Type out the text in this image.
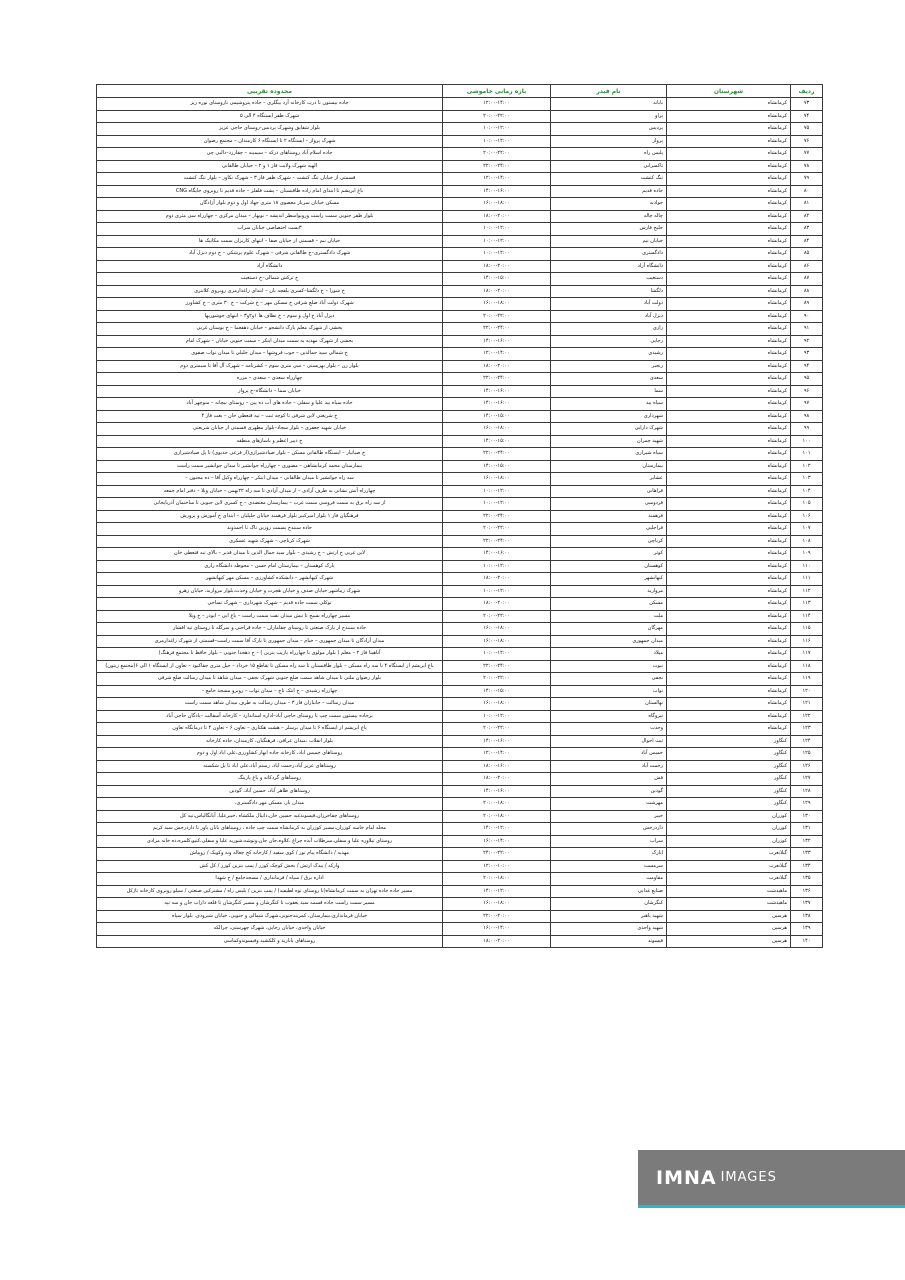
ردیف	شهرستان	نام فیدر	بازه زمانی خاموشی	محدوده تقریبی
۷۳	کرمانشاه	بابانه	۱۲:۰۰-۱۴:۰۰	جاده بیستون تا درب کارخانه آرد بیگلری – جاده پتروشیمی تاروستای نوره ریز
۷۴	کرمانشاه	پراو	۲۰:۰۰-۲۲:۰۰	شهرک ظفر ایستگاه ۴ الی ۵
۷۵	کرمانشاه	پردیس	۱۰:۰۰-۱۲:۰۰	بلوار شقایق وشهرک پردیس-روستای حاجی عزیز
۷۶	کرمانشاه	پرواز	۱۰:۰۰-۱۲:۰۰	شهرک پرواز – ایستگاه ۲ تا ایستگاه ۶ کارمندان – مجتمع رضوان
۷۷	کرمانشاه	پلیس راه	۲۰:۰۰-۲۲:۰۰	جاده اسلام آباد روستاهای درکه – سیمینه – چقازرد–دالبی چی
۷۸	کرمانشاه	تاکسرانی	۲۲:۰۰-۲۴:۰۰	الهیه شهرک ولایت فاز ۱ و ۲ – خیابان طالقانی
۷۹	کرمانشاه	تنگ کنشت	۱۲:۰۰-۱۴:۰۰	قسمتی از خیابان تنگ کنشت – شهرک ظفر فاز ۳ – شهرک نکاور – بلوار تنگ کنشت
۸۰	کرمانشاه	جاده قدیم	۱۴:۰۰-۱۶:۰۰	باغ ابریشم تا ابتدای امام زاده طاقبستان – پشت فلفلز – جاده قدیم تا روبروی جایگاه CNG
۸۱	کرمانشاه	جوادیه	۱۶:۰۰-۱۸:۰۰	مسکن خیابان سرباز معصوی ۱۸ متری جهاد اول و دوم بلوار آزادگان
۸۲	کرمانشاه	چاله چاله	۱۸:۰۰-۲۰:۰۰	بلوار ظفر جنوبی سمت راست وروبواسطر اندیشه – نوبهار – میدان مرکزی – چهارراه سی متری دوم
۸۳	کرمانشاه	خلیج فارس	۱۰:۰۰-۱۲:۰۰	۳بست اختصاصی خیابان سراب
۸۴	کرمانشاه	خیابان نیم	۱۰:۰۰-۱۲:۰۰	خیابان نیم – قسمتی از خیابان صفا – انتهای کاریزان سمت مکانیک ها
۸۵	کرمانشاه	دادگستری	۱۰:۰۰-۱۲:۰۰	شهرک دادگستری–خ طالقانی شرقی – شهرک علوم پزشکی – خ دوم دیزل آباد
۸۶	کرمانشاه	دانشگاه آزاد	۱۸:۰۰-۲۰:۰۰	دانشگاه آزاد
۸۷	کرمانشاه	دستغیب	۱۴:۰۰-۱۵:۰۰	خ ترکش شمالی–خ دستغیب
۸۸	کرمانشاه	دلگشا	۱۸:۰۰-۲۰:۰۰	خ شورا – خ دلگشا–کسری یلفچه بان – ابتدای زاغدارمری روبروی کلانتری
۸۹	کرمانشاه	دولت آباد	۱۶:۰۰-۱۸:۰۰	شهرک دولت آباد ضلع شرقی خ مسکن مهر – خ شرکت – خ ۳۰ متری – خ کشاورز
۹۰	کرمانشاه	دیزل آباد	۲۰:۰۰-۲۲:۰۰	دیزل آباد خ اول و سوم – خ نظاف ها ۱و۲و۳ – انتهای جوشوریها
۹۱	کرمانشاه	رازی	۲۲:۰۰-۲۴:۰۰	بخشی از شهرک معلم پارک دانشجو – خیابان دهقعما – خ بوستان غربی
۹۲	کرمانشاه	رجایی	۱۴:۰۰-۱۶:۰۰	بخشی از شهرک مهدیه به سمت میدان ابتکر – سمت جنوبی خیابان – شهرک امام
۹۳	کرمانشاه	رشیدی	۱۲:۰۰-۱۴:۰۰	خ شمالی سید جمالدین – جوب فروشها – میدان جلیلی تا میدان نواب صفوی
۹۴	کرمانشاه	رنجبر	۱۸:۰۰-۲۰:۰۰	بلوار زن – بلوار بهزیستی – سی متری سوم – کشرنامه – شهرک آل آقا تا سیمتری دوم
۹۵	کرمانشاه	سعدی	۲۲:۰۰-۲۴:۰۰	چهارراه سعدی – سعدی – مزره
۹۶	کرمانشاه	سما	۱۴:۰۰-۱۶:۰۰	خیابان سما – دانشگاه–خ پرواز
۹۷	کرمانشاه	سیاه بید	۱۴:۰۰-۱۶:۰۰	جاده سیاه بید علیا و سفلی – جاده های آب ده پین – روستای بیچانه – منوچهر آباد
۹۸	کرمانشاه	شهرداری	۱۴:۰۰-۱۵:۰۰	خ شریعتی لاین شرقی تا کوچه ثبت – تیه قتعطی خان – بغت فاز ۴
۹۹	کرمانشاه	شهرک دارایی	۱۶:۰۰-۱۸:۰۰	خیابان شهید جعفری – بلوار سجاد–بلوار مطهری قسمتی از خیابان شریعتی
۱۰۰	کرمانشاه	شهید چمران	۱۴:۰۰-۱۵:۰۰	خ دبیر اعظم و باسازهای منطقه
۱۰۱	کرمانشاه	سپاه شیرازی	۲۲:۰۰-۲۴:۰۰	خ صیاتیار – ایستگاه طالقانی مسکن – بلوار صیادشیرازی(از فرعی خدیوی) تا پل صیادشیرازی
۱۰۲	کرمانشاه	بیمارستان	۱۴:۰۰-۱۵:۰۰	بیمارستان محمد کرمانشاهی – مصوری – چهارراه جوانشیر تا میدان جوانشیر سمت راست
۱۰۳	کرمانشاه	عشایر	۱۶:۰۰-۱۸:۰۰	سه راه جوانشیر تا میدان طالقانی – میدان ابتکر – چهارراه وکیل آقا – ده مجنون –
۱۰۴	کرمانشاه	فراهانی	۱۰:۰۰-۱۲:۰۰	چهارراه آتش نشانی به طرف آزادی – از میدان آزادی تا سه راه ۲۲بهمن – خیابان ویلا – دفتر امام جمعه
۱۰۵	کرمانشاه	فردوسی	۱۰:۰۰-۱۲:۰۰	از سه راه برق به سمت فروسی سمت غرب – بیمارستان معتضدی – خ کسری لاین جنوبی تا ساختمان آذربایجانی
۱۰۶	کرمانشاه	فرهمند	۲۲:۰۰-۲۴:۰۰	فرهنگیان فاز ۱ بلوار امیرکبیر بلوار فرهمند خیابان جلیلیان – ابتدای خ آموزش و پرورش
۱۰۷	کرمانشاه	فراجلیی	۲۰:۰۰-۲۲:۰۰	جاده سنندج بسمت روزبن تاک تا احمدوند
۱۰۸	کرمانشاه	کرناچی	۲۲:۰۰-۲۴:۰۰	شهرک کرناچی – شهرک شهید عسکری
۱۰۹	کرمانشاه	کوثر	۱۴:۰۰-۱۶:۰۰	لاین غربی خ ارتش – خ رشیدی – بلوار سید جمال الدین تا میدان قدیر – بالای تیه قتعطی خان
۱۱۰	کرمانشاه	کوهستان	۱۰:۰۰-۱۲:۰۰	پارک کوهستان – بیمارستان امام حسن – محوطه دانشگاه رازی
۱۱۱	کرمانشاه	کیهانشهر	۱۸:۰۰-۲۰:۰۰	شهرک کیهانشهر – دانشکده کشاورزی – مسکن مهر کیهانشهر
۱۱۲	کرمانشاه	مروارید	۱۰:۰۰-۱۲:۰۰	شهرک زیباشهر خیابان صدف و خیابان هجرت و خیابان وحدت،بلوار مروارید، خیابان زهرو
۱۱۳	کرمانشاه	مسکن	۱۸:۰۰-۲۰:۰۰	توکلی سمت جاده قدیم – شهرک شهرداری – شهرک نساجی
۱۱۴	کرمانشاه	ملت	۲۰:۰۰-۲۲:۰۰	مسیر چهارراه بسیج تا نبش میدان نفت سمت راست – باغ ابی – ابوذر – خ ویلا
۱۱۵	کرمانشاه	مهرگان	۱۶:۰۰-۱۸:۰۰	جاده سنندج از پارک صنعتی تا روستای چقاماران – جاده قراحنی و سرگله تا روستای تیه افشار
۱۱۶	کرمانشاه	میدان جمهوری	۱۶:۰۰-۱۸:۰۰	میدان آزادگان تا میدان جمهوری – خیام – میدان جمهوری تا پارک آقا سمت راست–قسمتی از شهرک زاغدارمری
۱۱۷	کرمانشاه	میلاد	۱۰:۰۰-۱۲:۰۰	آناهیتا فاز ۲ – معلم ( بلوار مولوی تا چهارراه بازیب بنزین ) – خ دهخدا جنوبی – بلوار حافظ تا مجتمع فرهنگ)
۱۱۸	کرمانشاه	نبوت	۲۲:۰۰-۲۴:۰۰	باغ ابریشم از ایستگاه ۴ تا سه راه مسکن – بلوار طاقبستان تا سه راه مسکن تا تقاطع ۱۵ خرداد – جیل متری چقاکبود – تعاون از ایستگاه ۱ الی ۶(مجتمع زیتون)
۱۱۹	کرمانشاه	نجفی	۲۰:۰۰-۲۲:۰۰	بلوار رضوان ملتی تا میدان شاهد سمت ضلع جنوبی شهرک نجفی – میدان شاهد تا میدان رسالت ضلع شرقی
۱۲۰	کرمانشاه	نواب	۱۴:۰۰-۱۵:۰۰	چهارراه رشیدی – خ انتک تاج – میدان نواب – روبرو مسجد جامع –
۱۲۱	کرمانشاه	نهالستان	۱۶:۰۰-۱۸:۰۰	میدان رسالت – جانبازان فاز ۳ – میدان رسالت به طرف میدان شاهد سمت راست
۱۲۲	کرمانشاه	نیروگاه	۱۰:۰۰-۱۲:۰۰	برجاده بیستون سمت چپ تا روستای حاجی آباد–اداره استاندارد – کارخانه آسفالت –پادگان حاجی آباد
۱۲۳	کرمانشاه	وحدت	۲۰:۰۰-۲۲:۰۰	باغ ابریشم از ایستگاه ۶ تا میدان برسلز – هشت هکتاری – تعاون ۶ – تعاون ۴ تا درمانگاه تعاون
۱۲۴	کنگاور	ثبت احوال	۱۴:۰۰-۱۶:۰۰	بلوار انقلاب ،میدان عراقی، فرهنگیان، کارمندان، جاده کارخانه
۱۲۵	کنگاور	خمیس آباد	۱۲:۰۰-۱۴:۰۰	روستاهای خمیس اباد، کارخانه جاده ابهار کشاورزی،علی اباد اول و دوم
۱۲۶	کنگاور	رحمت آباد	۱۸:۰۰-۱۶:۰۰	روستاهای عزیز آباد،رحمت اباد، رستم آباد،علی اباد تا یل شکسته
۱۲۷	کنگاور	فش	۱۸:۰۰-۲۰:۰۰	روستاهای گردکانه و باغ پارینگ
۱۲۸	کنگاور	گودین	۱۴:۰۰-۱۶:۰۰	روستاهای طاهر آباد، حسین آباد، گودین
۱۲۹	کنگاور	مهرشت	۲۰:۰۰-۱۸:۰۰	میدان بار، مسکن مهر دادگستری،
۱۳۰	کوزران	خیبر	۲۰:۰۰-۱۸:۰۰	روستاهای چقاخرزان،قیسوندغیه حسین خان،دانیال ملکشاه ،خیبرعلیا، آبانگالیاس،تپه کل
۱۳۱	کوزران	داردرخش	۱۴:۰۰-۱۲:۰۰	محله امام خامنه کوزران،مسیر کوزران به کرمانشاه سمت چپ جاده ، روستاهای بابان یاور تا داردرخش سید کریم
۱۳۲	کوزران	سراب	۱۶:۰۰-۱۴:۰۰	روستای تیلاوره علیا و سفلی،سرطلاب آبده چراغ ،کلاوه،جان جان،وتوشه،شوریه علیا و سفلی،کنیو،کلمره،ده خانه مرادی
۱۳۳	گیلانغرب	انارک	۲۴:۰۰-۲۲:۰۰	مهدیه / دانشگاه پیام نور / کوی سفید / کارخانه کج چغاله ونه وکوبک / روپیاش
۱۳۴	گیلانغرب	سرمست	۱۲:۰۰-۱۰:۰۰	وارکه / پیدک ارتش / بخش کوچک کوزر / پمپ بنزین کوزر / کل کش
۱۳۵	گیلانغرب	مقاومت	۲۰:۰۰-۱۸:۰۰	اداره برق / سپاه / فرمانداری / مسجدجامع / خ شهدا
۱۳۶	ماهیدشت	صنایع غذایی	۱۴:۰۰-۱۲:۰۰	مسیر جاده جاده تهران به سمت کرمانشاه(تا روستای توه لطیفیه) / پمپ بنزین / پلیس راه / مشترکین صنعتی / سیلو روبروی کارخانه تاژکل
۱۳۷	ماهیدشت	کنگرشان	۱۶:۰۰-۱۸:۰۰	مسیر سمت راست جاده قسمه سید یعقوب تا کنگرشان و مسیر کنگرشان تا قلعه داراب خان و سه تپه
۱۳۸	هرسین	شهید باهنر	۲۲:۰۰-۲۰:۰۰	خیابان فرمانداری،بیمارستان، کمربندجنوبی،شهرک شمالی و جنوبی، خیابان شیرودی، بلوار سپاه
۱۳۹	هرسین	شهید واحدی	۱۶:۰۰-۱۴:۰۰	خیابان واحدی، خیابان رجایی، شهرک چهرستی، چرالکه
۱۴۰	هرسین	فیسوند	۱۸:۰۰-۲۰:۰۰	روستاهای بابازید و کلکشید وفیسوندوکماسی
IMNA IMAGES
